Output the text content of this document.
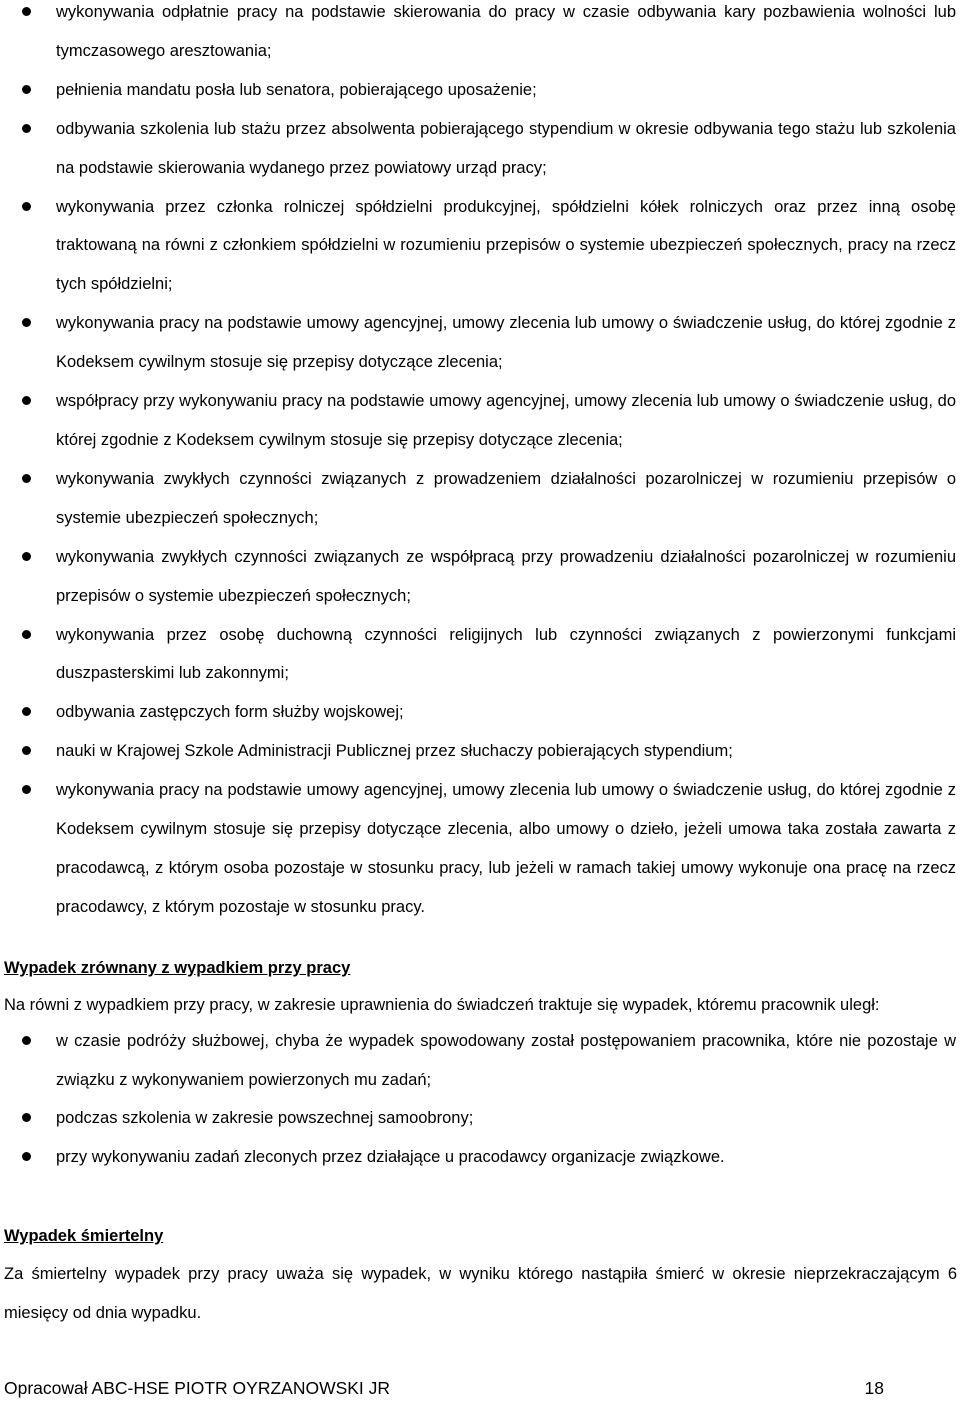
wykonywania odpłatnie pracy na podstawie skierowania do pracy w czasie odbywania kary pozbawienia wolności lub tymczasowego aresztowania;
pełnienia mandatu posła lub senatora, pobierającego uposażenie;
odbywania szkolenia lub stażu przez absolwenta pobierającego stypendium w okresie odbywania tego stażu lub szkolenia na podstawie skierowania wydanego przez powiatowy urząd pracy;
wykonywania przez członka rolniczej spółdzielni produkcyjnej, spółdzielni kółek rolniczych oraz przez inną osobę traktowaną na równi z członkiem spółdzielni w rozumieniu przepisów o systemie ubezpieczeń społecznych, pracy na rzecz tych spółdzielni;
wykonywania pracy na podstawie umowy agencyjnej, umowy zlecenia lub umowy o świadczenie usług, do której zgodnie z Kodeksem cywilnym stosuje się przepisy dotyczące zlecenia;
współpracy przy wykonywaniu pracy na podstawie umowy agencyjnej, umowy zlecenia lub umowy o świadczenie usług, do której zgodnie z Kodeksem cywilnym stosuje się przepisy dotyczące zlecenia;
wykonywania zwykłych czynności związanych z prowadzeniem działalności pozarolniczej w rozumieniu przepisów o systemie ubezpieczeń społecznych;
wykonywania zwykłych czynności związanych ze współpracą przy prowadzeniu działalności pozarolniczej w rozumieniu przepisów o systemie ubezpieczeń społecznych;
wykonywania przez osobę duchowną czynności religijnych lub czynności związanych z powierzonymi funkcjami duszpasterskimi lub zakonnymi;
odbywania zastępczych form służby wojskowej;
nauki w Krajowej Szkole Administracji Publicznej przez słuchaczy pobierających stypendium;
wykonywania pracy na podstawie umowy agencyjnej, umowy zlecenia lub umowy o świadczenie usług, do której zgodnie z Kodeksem cywilnym stosuje się przepisy dotyczące zlecenia, albo umowy o dzieło, jeżeli umowa taka została zawarta z pracodawcą, z którym osoba pozostaje w stosunku pracy, lub jeżeli w ramach takiej umowy wykonuje ona pracę na rzecz pracodawcy, z którym pozostaje w stosunku pracy.
Wypadek zrównany z wypadkiem przy pracy
Na równi z wypadkiem przy pracy, w zakresie uprawnienia do świadczeń traktuje się wypadek, któremu pracownik uległ:
w czasie podróży służbowej, chyba że wypadek spowodowany został postępowaniem pracownika, które nie pozostaje w związku z wykonywaniem powierzonych mu zadań;
podczas szkolenia w zakresie powszechnej samoobrony;
przy wykonywaniu zadań zleconych przez działające u pracodawcy organizacje związkowe.
Wypadek śmiertelny
Za śmiertelny wypadek przy pracy uważa się wypadek, w wyniku którego nastąpiła śmierć w okresie nieprzekraczającym 6 miesięcy od dnia wypadku.
Opracował ABC-HSE PIOTR OYRZANOWSKI JR	18
